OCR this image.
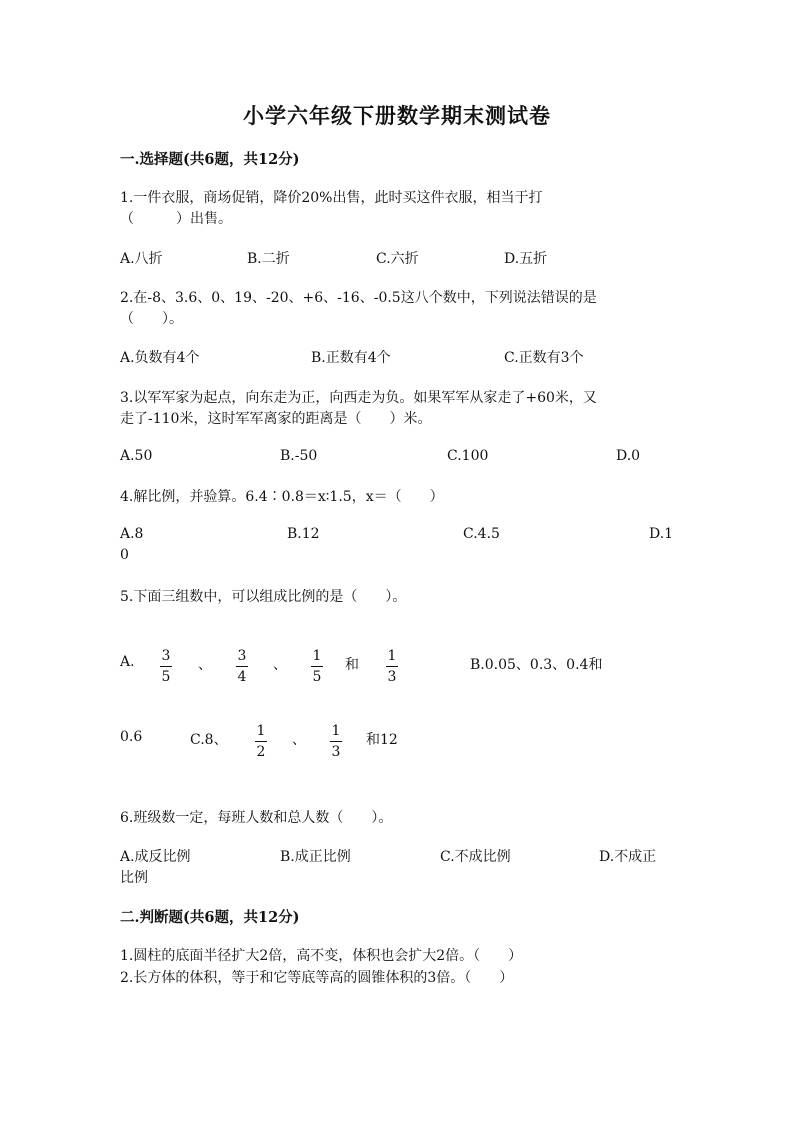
小学六年级下册数学期末测试卷
一.选择题(共6题，共12分)
1.一件衣服，商场促销，降价20%出售，此时买这件衣服，相当于打
（　　　）出售。
A.八折	B.二折	C.六折	D.五折
2.在-8、3.6、0、19、-20、+6、-16、-0.5这八个数中，下列说法错误的是
（　　）。
A.负数有4个	B.正数有4个	C.正数有3个
3.以军军家为起点，向东走为正，向西走为负。如果军军从家走了+60米，又
走了-110米，这时军军离家的距离是（　　）米。
A.50	B.-50	C.100	D.0
4.解比例，并验算。6.4∶0.8＝x∶1.5，x＝（　　）
A.8	B.12	C.4.5	D.1
0
5.下面三组数中，可以组成比例的是（　　）。
A. 3
5
、
3
4
、
1
5
和
1
3
B.0.05、0.3、0.4和
0.6	C.8、
1
2
、
1
3
和12
6.班级数一定，每班人数和总人数（　　）。
A.成反比例	B.成正比例	C.不成比例	D.不成正
比例
二.判断题(共6题，共12分)
1.圆柱的底面半径扩大2倍，高不变，体积也会扩大2倍。（　　）
2.长方体的体积，等于和它等底等高的圆锥体积的3倍。（　　）
